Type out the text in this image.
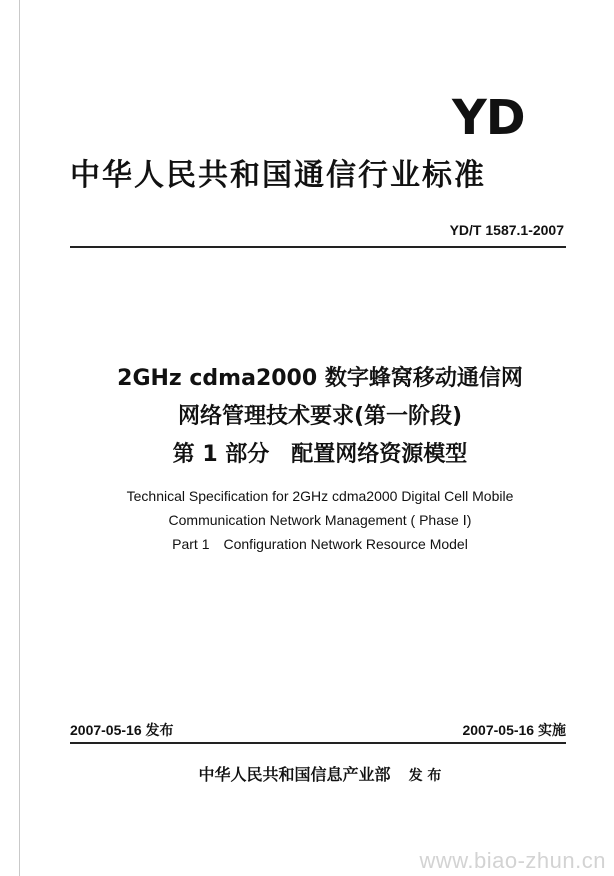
YD
中华人民共和国通信行业标准
YD/T 1587.1-2007
2GHz cdma2000 数字蜂窝移动通信网
网络管理技术要求(第一阶段)
第 1 部分　配置网络资源模型
Technical Specification for 2GHz cdma2000 Digital Cell Mobile
Communication Network Management ( Phase Ⅰ)
Part 1　Configuration Network Resource Model
2007-05-16 发布	2007-05-16 实施
中华人民共和国信息产业部 发 布
www.biao-zhun.cn
